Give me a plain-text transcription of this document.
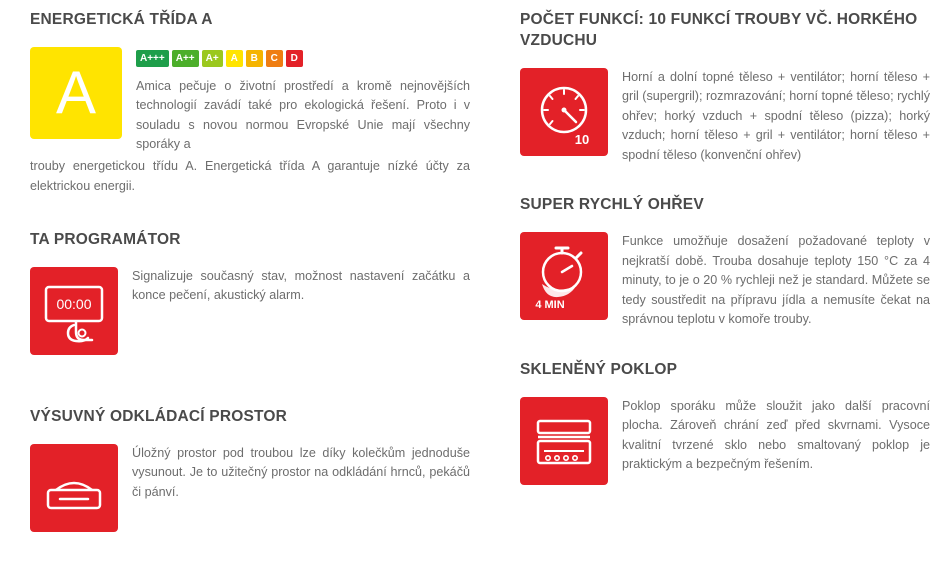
ENERGETICKÁ TŘÍDA A
A
A+++	A++	A+	A	B	C	D
Amica pečuje o životní prostředí a kromě nejnovějších technologií zavádí také pro ekologická řešení. Proto i v souladu s novou normou Evropské Unie mají všechny sporáky a
trouby energetickou třídu A. Energetická třída A garantuje nízké účty za elektrickou energii.
TA PROGRAMÁTOR
00:00
Signalizuje současný stav, možnost nastavení začátku a konce pečení, akustický alarm.
VÝSUVNÝ ODKLÁDACÍ PROSTOR
Úložný prostor pod troubou lze díky kolečkům jednoduše vysunout. Je to užitečný prostor na odkládání hrnců, pekáčů či pánví.
POČET FUNKCÍ: 10 FUNKCÍ TROUBY VČ. HORKÉHO VZDUCHU
10
Horní a dolní topné těleso + ventilátor; horní těleso + gril (supergril); rozmrazování; horní topné těleso; rychlý ohřev; horký vzduch + spodní těleso (pizza); horký vzduch; horní těleso + gril + ventilátor; horní těleso + spodní těleso (konvenční ohřev)
SUPER RYCHLÝ OHŘEV
4 MIN
Funkce umožňuje dosažení požadované teploty v nejkratší době. Trouba dosahuje teploty 150 °C za 4 minuty, to je o 20 % rychleji než je standard. Můžete se tedy soustředit na přípravu jídla a nemusíte čekat na správnou teplotu v komoře trouby.
SKLENĚNÝ POKLOP
Poklop sporáku může sloužit jako další pracovní plocha. Zároveň chrání zeď před skvrnami. Vysoce kvalitní tvrzené sklo nebo smaltovaný poklop je praktickým a bezpečným řešením.
